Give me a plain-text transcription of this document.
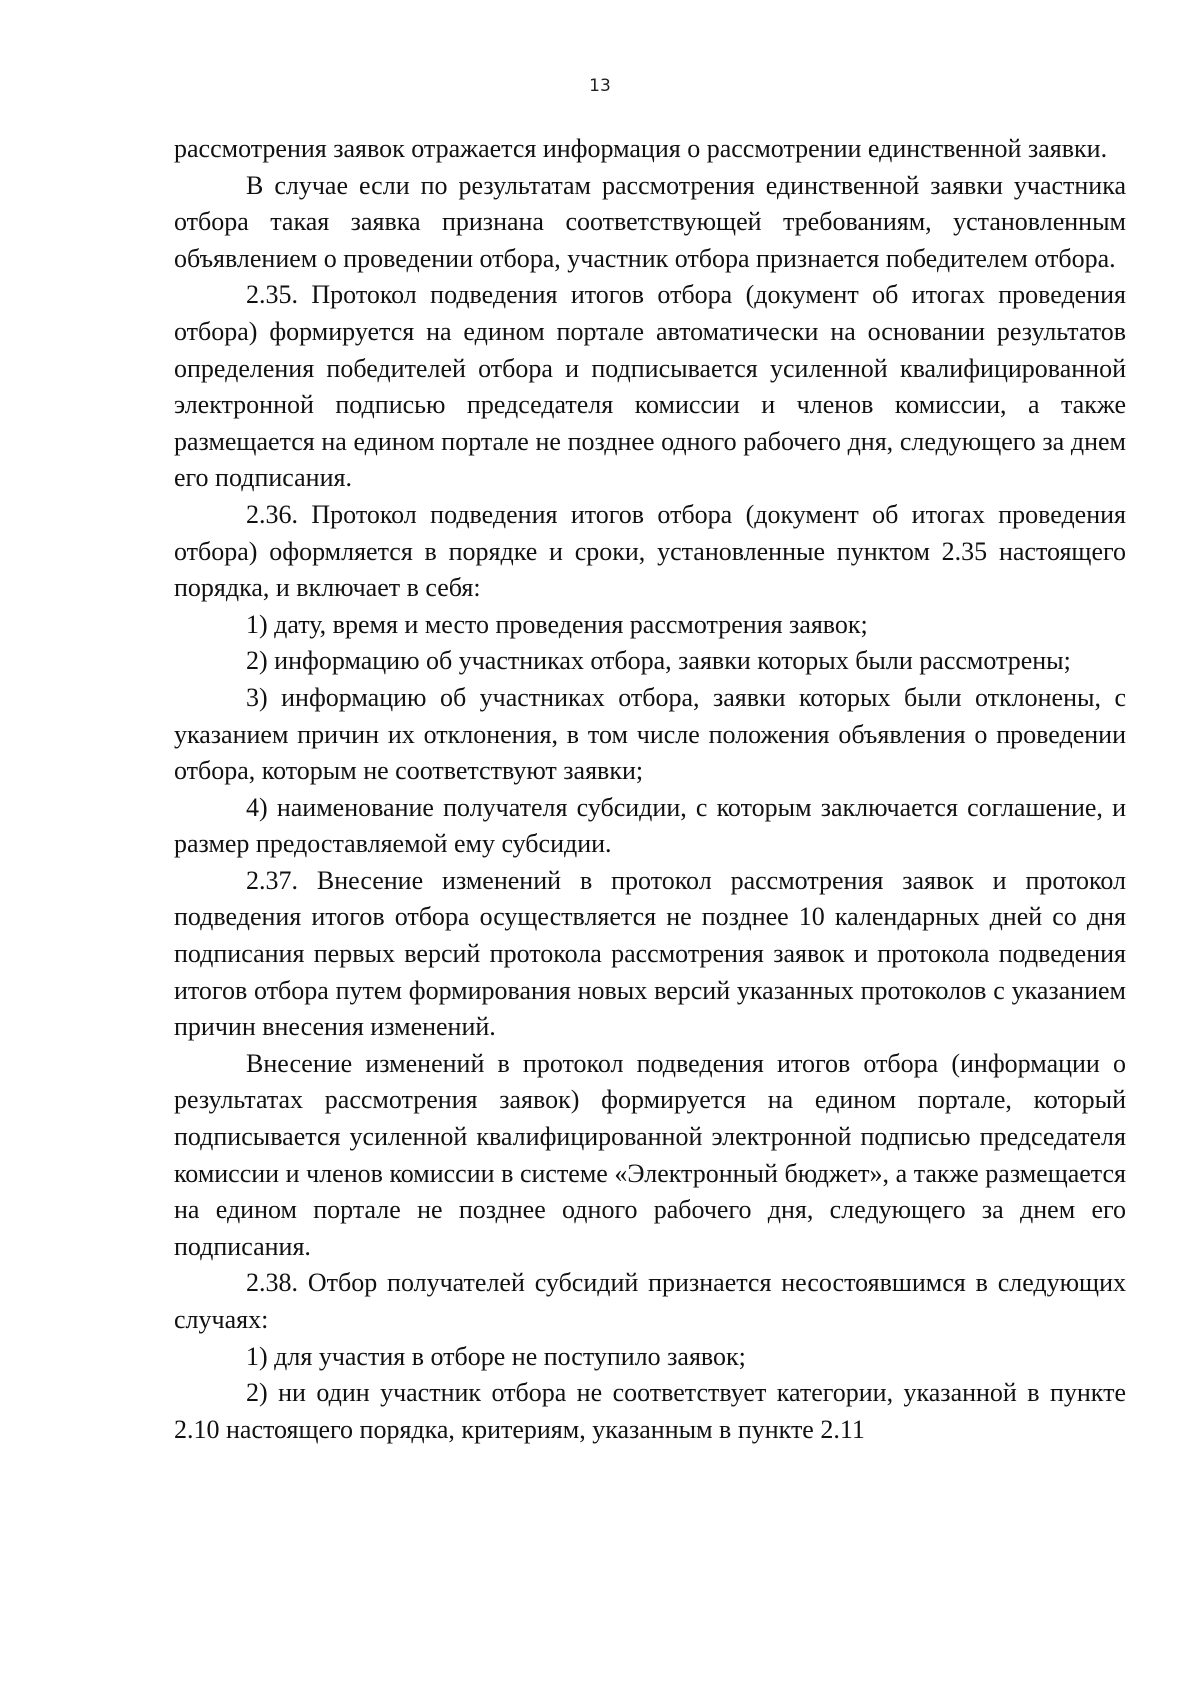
13

рассмотрения заявок отражается информация о рассмотрении единственной заявки.

В случае если по результатам рассмотрения единственной заявки участника отбора такая заявка признана соответствующей требованиям, установленным объявлением о проведении отбора, участник отбора признается победителем отбора.

2.35. Протокол подведения итогов отбора (документ об итогах проведения отбора) формируется на едином портале автоматически на основании результатов определения победителей отбора и подписывается усиленной квалифицированной электронной подписью председателя комиссии и членов комиссии, а также размещается на едином портале не позднее одного рабочего дня, следующего за днем его подписания.

2.36. Протокол подведения итогов отбора (документ об итогах проведения отбора) оформляется в порядке и сроки, установленные пунктом 2.35 настоящего порядка, и включает в себя:

1) дату, время и место проведения рассмотрения заявок;

2) информацию об участниках отбора, заявки которых были рассмотрены;

3) информацию об участниках отбора, заявки которых были отклонены, с указанием причин их отклонения, в том числе положения объявления о проведении отбора, которым не соответствуют заявки;

4) наименование получателя субсидии, с которым заключается соглашение, и размер предоставляемой ему субсидии.

2.37. Внесение изменений в протокол рассмотрения заявок и протокол подведения итогов отбора осуществляется не позднее 10 календарных дней со дня подписания первых версий протокола рассмотрения заявок и протокола подведения итогов отбора путем формирования новых версий указанных протоколов с указанием причин внесения изменений.

Внесение изменений в протокол подведения итогов отбора (информации о результатах рассмотрения заявок) формируется на едином портале, который подписывается усиленной квалифицированной электронной подписью председателя комиссии и членов комиссии в системе «Электронный бюджет», а также размещается на едином портале не позднее одного рабочего дня, следующего за днем его подписания.

2.38. Отбор получателей субсидий признается несостоявшимся в следующих случаях:

1) для участия в отборе не поступило заявок;

2) ни один участник отбора не соответствует категории, указанной в пункте 2.10 настоящего порядка, критериям, указанным в пункте 2.11
